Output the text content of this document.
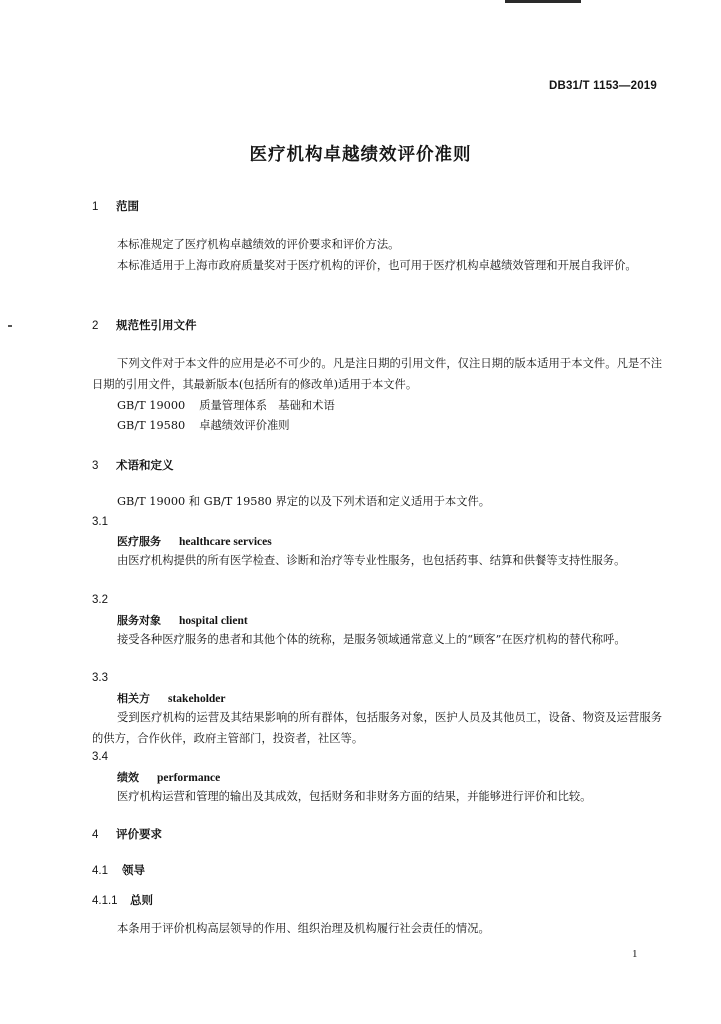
DB31/T 1153—2019
医疗机构卓越绩效评价准则
1 范围
本标准规定了医疗机构卓越绩效的评价要求和评价方法。
本标准适用于上海市政府质量奖对于医疗机构的评价，也可用于医疗机构卓越绩效管理和开展自我评价。
2 规范性引用文件
下列文件对于本文件的应用是必不可少的。凡是注日期的引用文件，仅注日期的版本适用于本文件。凡是不注日期的引用文件，其最新版本(包括所有的修改单)适用于本文件。
GB/T 19000 质量管理体系　基础和术语
GB/T 19580 卓越绩效评价准则
3 术语和定义
GB/T 19000 和 GB/T 19580 界定的以及下列术语和定义适用于本文件。
3.1
医疗服务 healthcare services
由医疗机构提供的所有医学检查、诊断和治疗等专业性服务，也包括药事、结算和供餐等支持性服务。
3.2
服务对象 hospital client
接受各种医疗服务的患者和其他个体的统称，是服务领域通常意义上的“顾客”在医疗机构的替代称呼。
3.3
相关方 stakeholder
受到医疗机构的运营及其结果影响的所有群体，包括服务对象，医护人员及其他员工，设备、物资及运营服务的供方，合作伙伴，政府主管部门，投资者，社区等。
3.4
绩效 performance
医疗机构运营和管理的输出及其成效，包括财务和非财务方面的结果，并能够进行评价和比较。
4 评价要求
4.1 领导
4.1.1 总则
本条用于评价机构高层领导的作用、组织治理及机构履行社会责任的情况。
1
